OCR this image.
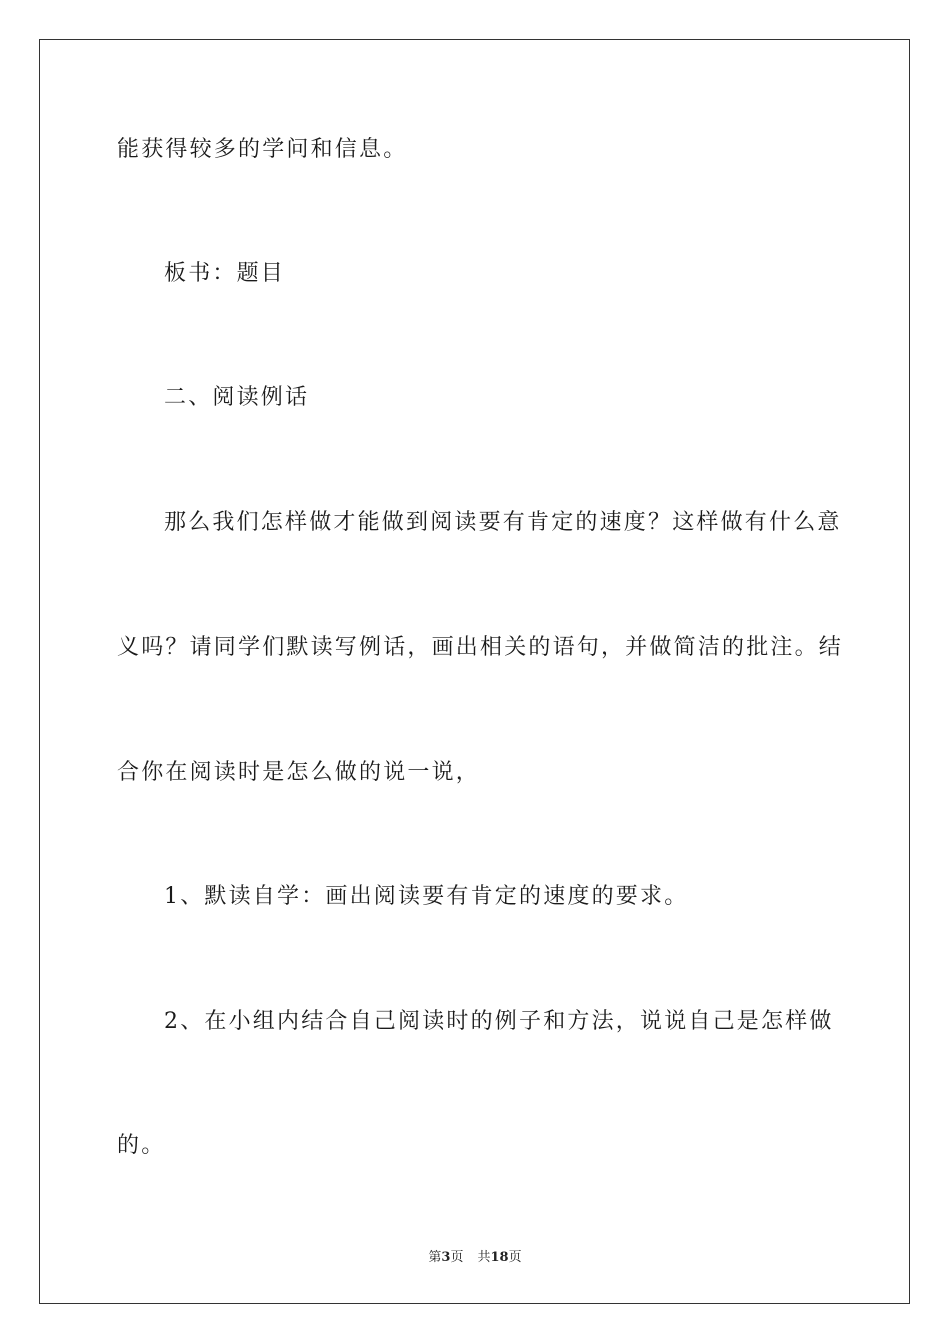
能获得较多的学问和信息。
板书：题目
二、阅读例话
那么我们怎样做才能做到阅读要有肯定的速度？这样做有什么意
义吗？请同学们默读写例话，画出相关的语句，并做简洁的批注。结
合你在阅读时是怎么做的说一说，
1、默读自学：画出阅读要有肯定的速度的要求。
2、在小组内结合自己阅读时的例子和方法，说说自己是怎样做
的。
第3页 共18页
